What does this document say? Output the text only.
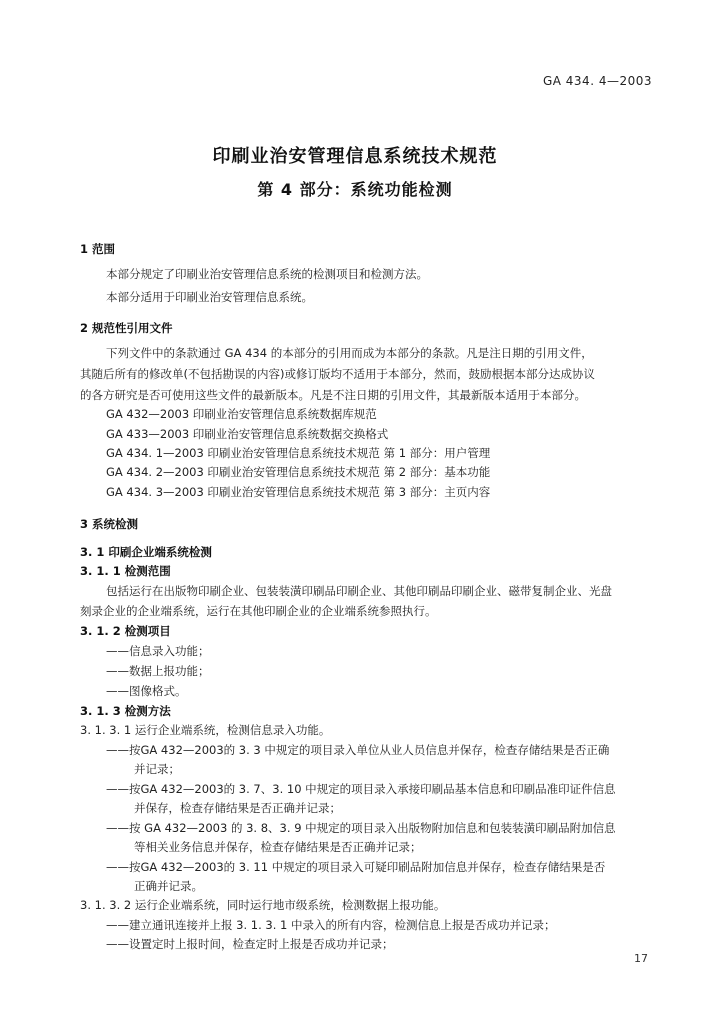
GA 434. 4—2003
印刷业治安管理信息系统技术规范
第 4 部分：系统功能检测
1 范围
本部分规定了印刷业治安管理信息系统的检测项目和检测方法。
本部分适用于印刷业治安管理信息系统。
2 规范性引用文件
下列文件中的条款通过 GA 434 的本部分的引用而成为本部分的条款。凡是注日期的引用文件，
其随后所有的修改单(不包括勘误的内容)或修订版均不适用于本部分，然而，鼓励根据本部分达成协议
的各方研究是否可使用这些文件的最新版本。凡是不注日期的引用文件，其最新版本适用于本部分。
GA 432—2003 印刷业治安管理信息系统数据库规范
GA 433—2003 印刷业治安管理信息系统数据交换格式
GA 434. 1—2003 印刷业治安管理信息系统技术规范 第 1 部分：用户管理
GA 434. 2—2003 印刷业治安管理信息系统技术规范 第 2 部分：基本功能
GA 434. 3—2003 印刷业治安管理信息系统技术规范 第 3 部分：主页内容
3 系统检测
3. 1 印刷企业端系统检测
3. 1. 1 检测范围
包括运行在出版物印刷企业、包装装潢印刷品印刷企业、其他印刷品印刷企业、磁带复制企业、光盘
刻录企业的企业端系统，运行在其他印刷企业的企业端系统参照执行。
3. 1. 2 检测项目
——信息录入功能；
——数据上报功能；
——图像格式。
3. 1. 3 检测方法
3. 1. 3. 1 运行企业端系统，检测信息录入功能。
——按GA 432—2003的 3. 3 中规定的项目录入单位从业人员信息并保存，检查存储结果是否正确
并记录；
——按GA 432—2003的 3. 7、3. 10 中规定的项目录入承接印刷品基本信息和印刷品准印证件信息
并保存，检查存储结果是否正确并记录；
——按 GA 432—2003 的 3. 8、3. 9 中规定的项目录入出版物附加信息和包装装潢印刷品附加信息
等相关业务信息并保存，检查存储结果是否正确并记录；
——按GA 432—2003的 3. 11 中规定的项目录入可疑印刷品附加信息并保存，检查存储结果是否
正确并记录。
3. 1. 3. 2 运行企业端系统，同时运行地市级系统，检测数据上报功能。
——建立通讯连接并上报 3. 1. 3. 1 中录入的所有内容，检测信息上报是否成功并记录；
——设置定时上报时间，检查定时上报是否成功并记录；
17
